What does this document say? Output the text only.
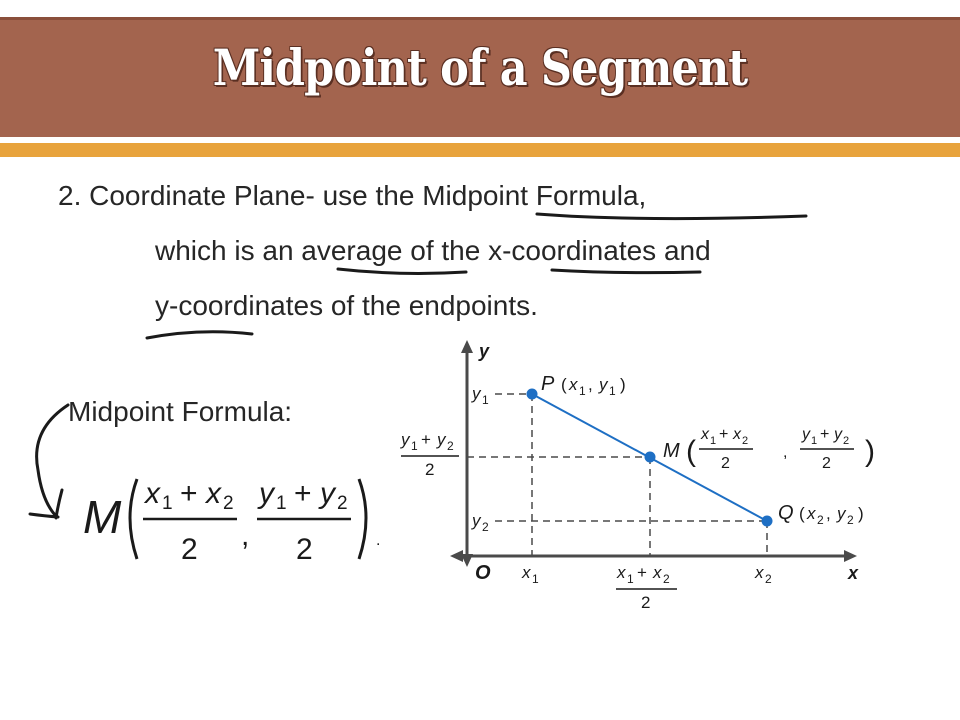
Midpoint of a Segment
2. Coordinate Plane- use the Midpoint Formula,
which is an average of the x-coordinates and
y-coordinates of the endpoints.
Midpoint Formula:
M x 1 + x 2
2 ,
y 1 + y 2
2	.
y
x
O
y 1
y 1 + y 2
2
y 2
x 1	x 1 + x 2
2
x 2
P ( x 1 , y 1 )
M (
x 1 + x 2
2
,
y 1 + y 2
2 )
Q ( x 2 , y 2 )
